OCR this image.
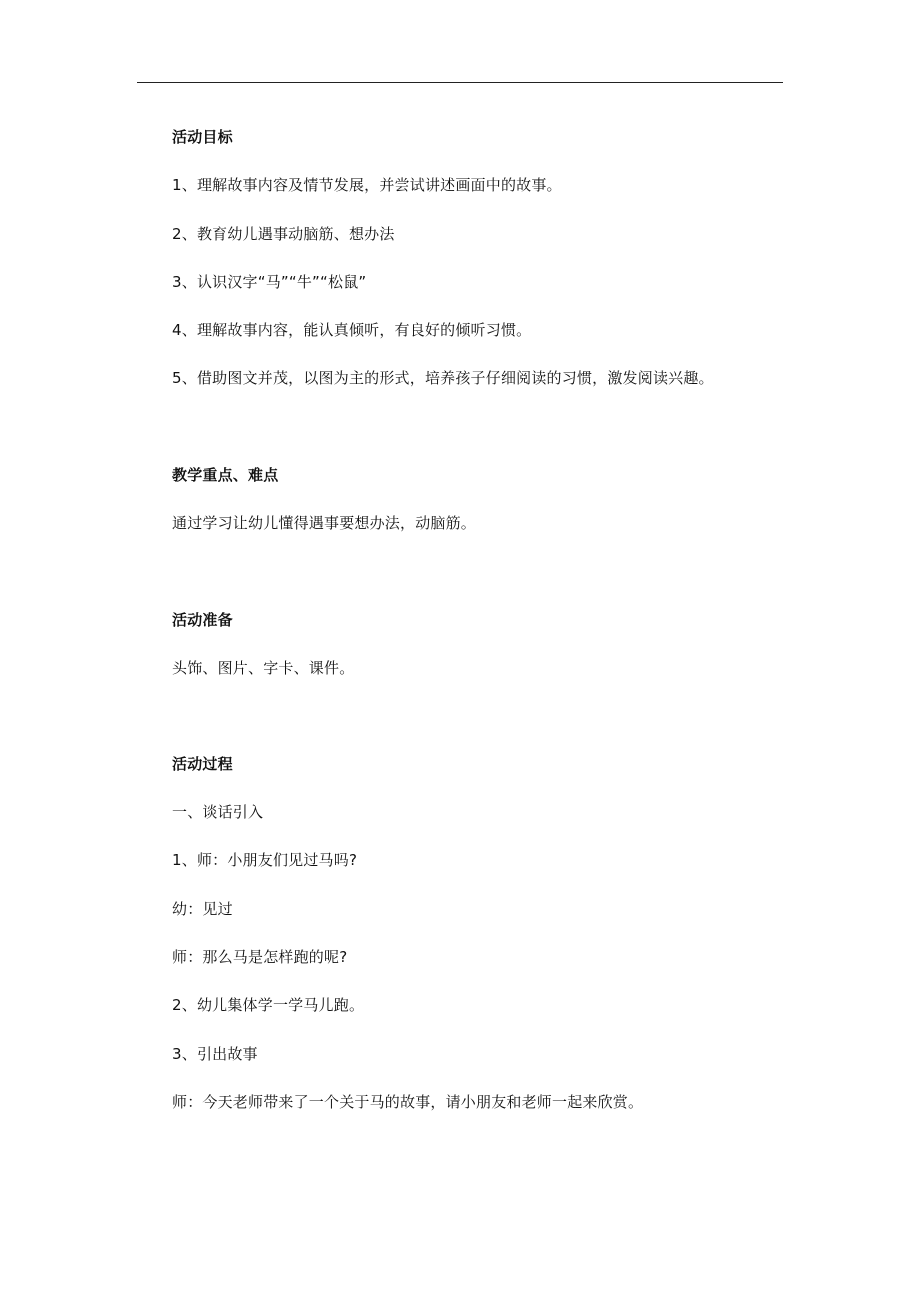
活动目标
1、理解故事内容及情节发展，并尝试讲述画面中的故事。
2、教育幼儿遇事动脑筋、想办法
3、认识汉字“马”“牛”“松鼠”
4、理解故事内容，能认真倾听，有良好的倾听习惯。
5、借助图文并茂，以图为主的形式，培养孩子仔细阅读的习惯，激发阅读兴趣。
教学重点、难点
通过学习让幼儿懂得遇事要想办法，动脑筋。
活动准备
头饰、图片、字卡、课件。
活动过程
一、谈话引入
1、师：小朋友们见过马吗?
幼：见过
师：那么马是怎样跑的呢?
2、幼儿集体学一学马儿跑。
3、引出故事
师：今天老师带来了一个关于马的故事，请小朋友和老师一起来欣赏。
